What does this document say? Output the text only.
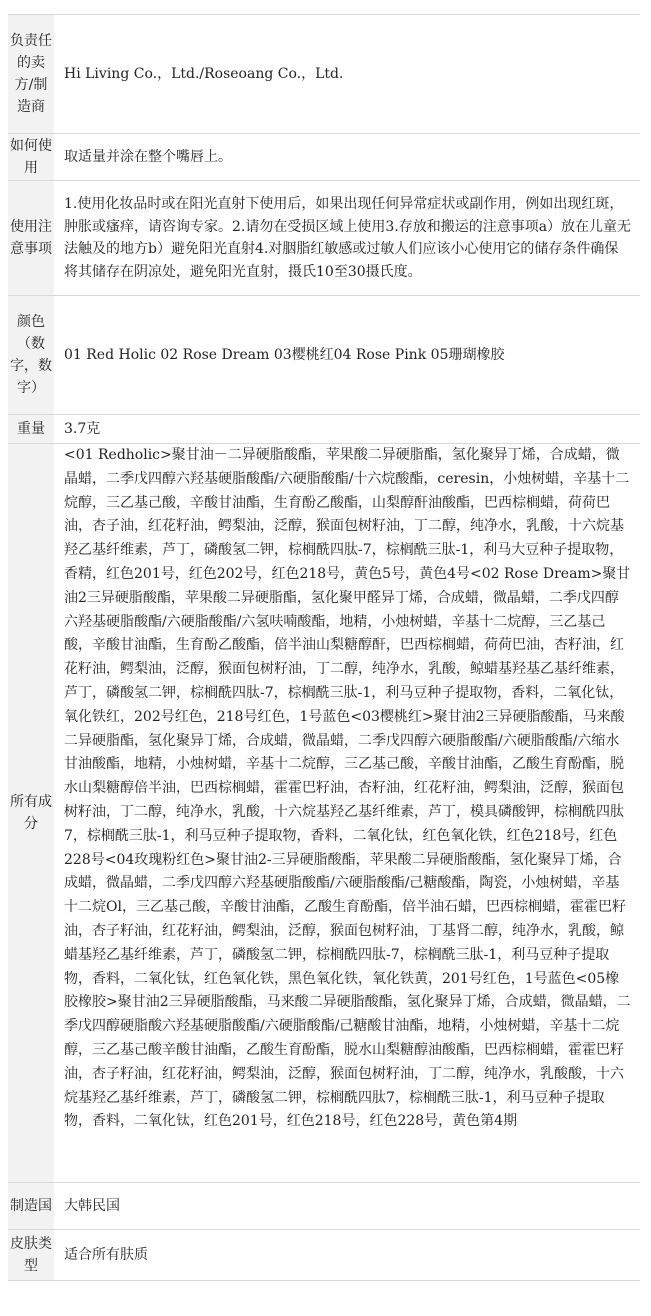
负责任的卖方/制造商
Hi Living Co.，Ltd./Roseoang Co.，Ltd.
如何使用
取适量并涂在整个嘴唇上。
使用注意事项
1.使用化妆品时或在阳光直射下使用后，如果出现任何异常症状或副作用，例如出现红斑，肿胀或瘙痒，请咨询专家。2.请勿在受损区域上使用3.存放和搬运的注意事项a）放在儿童无法触及的地方b）避免阳光直射4.对胭脂红敏感或过敏人们应该小心使用它的储存条件确保将其储存在阴凉处，避免阳光直射，摄氏10至30摄氏度。
颜色（数字，数字）
01 Red Holic 02 Rose Dream 03樱桃红04 Rose Pink 05珊瑚橡胶
重量	3.7克
所有成分
<01 Redholic>聚甘油－二异硬脂酸酯，苹果酸二异硬脂酯，氢化聚异丁烯，合成蜡，微晶蜡，二季戊四醇六羟基硬脂酸酯/六硬脂酸酯/十六烷酸酯，ceresin，小烛树蜡，辛基十二烷醇，三乙基己酸，辛酸甘油酯，生育酚乙酸酯，山梨醇酐油酸酯，巴西棕榈蜡，荷荷巴油，杏子油，红花籽油，鳄梨油，泛醇，猴面包树籽油，丁二醇，纯净水，乳酸，十六烷基羟乙基纤维素，芦丁，磷酸氢二钾，棕榈酰四肽-7，棕榈酰三肽-1，利马大豆种子提取物，香精，红色201号，红色202号，红色218号，黄色5号，黄色4号<02 Rose Dream>聚甘油2三异硬脂酸酯，苹果酸二异硬脂酯，氢化聚甲醛异丁烯，合成蜡，微晶蜡，二季戊四醇六羟基硬脂酸酯/六硬脂酸酯/六氢呋喃酸酯，地精，小烛树蜡，辛基十二烷醇，三乙基己酸，辛酸甘油酯，生育酚乙酸酯，倍半油山梨糖醇酐，巴西棕榈蜡，荷荷巴油，杏籽油，红花籽油，鳄梨油，泛醇，猴面包树籽油，丁二醇，纯净水，乳酸，鲸蜡基羟基乙基纤维素，芦丁，磷酸氢二钾，棕榈酰四肽-7，棕榈酰三肽-1，利马豆种子提取物，香料，二氧化钛，氧化铁红，202号红色，218号红色，1号蓝色<03樱桃红>聚甘油2三异硬脂酸酯，马来酸二异硬脂酯，氢化聚异丁烯，合成蜡，微晶蜡，二季戊四醇六硬脂酸酯/六硬脂酸酯/六缩水甘油酸酯，地精，小烛树蜡，辛基十二烷醇，三乙基己酸，辛酸甘油酯，乙酸生育酚酯，脱水山梨糖醇倍半油，巴西棕榈蜡，霍霍巴籽油，杏籽油，红花籽油，鳄梨油，泛醇，猴面包树籽油，丁二醇，纯净水，乳酸，十六烷基羟乙基纤维素，芦丁，模具磷酸钾，棕榈酰四肽7，棕榈酰三肽-1，利马豆种子提取物，香料，二氧化钛，红色氧化铁，红色218号，红色228号<04玫瑰粉红色>聚甘油2-三异硬脂酸酯，苹果酸二异硬脂酸酯，氢化聚异丁烯，合成蜡，微晶蜡，二季戊四醇六羟基硬脂酸酯/六硬脂酸酯/己糖酸酯，陶瓷，小烛树蜡，辛基十二烷Ol，三乙基己酸，辛酸甘油酯，乙酸生育酚酯，倍半油石蜡，巴西棕榈蜡，霍霍巴籽油，杏子籽油，红花籽油，鳄梨油，泛醇，猴面包树籽油，丁基肾二醇，纯净水，乳酸，鲸蜡基羟乙基纤维素，芦丁，磷酸氢二钾，棕榈酰四肽-7，棕榈酰三肽-1，利马豆种子提取物，香料，二氧化钛，红色氧化铁，黑色氧化铁，氧化铁黄，201号红色，1号蓝色<05橡胶橡胶>聚甘油2三异硬脂酸酯，马来酸二异硬脂酸酯，氢化聚异丁烯，合成蜡，微晶蜡，二季戊四醇硬脂酸六羟基硬脂酸酯/六硬脂酸酯/己糖酸甘油酯，地精，小烛树蜡，辛基十二烷醇，三乙基己酸辛酸甘油酯，乙酸生育酚酯，脱水山梨糖醇油酸酯，巴西棕榈蜡，霍霍巴籽油，杏子籽油，红花籽油，鳄梨油，泛醇，猴面包树籽油，丁二醇，纯净水，乳酸酸，十六烷基羟乙基纤维素，芦丁，磷酸氢二钾，棕榈酰四肽7，棕榈酰三肽-1，利马豆种子提取物，香料，二氧化钛，红色201号，红色218号，红色228号，黄色第4期
制造国 大韩民国
皮肤类型
适合所有肤质
